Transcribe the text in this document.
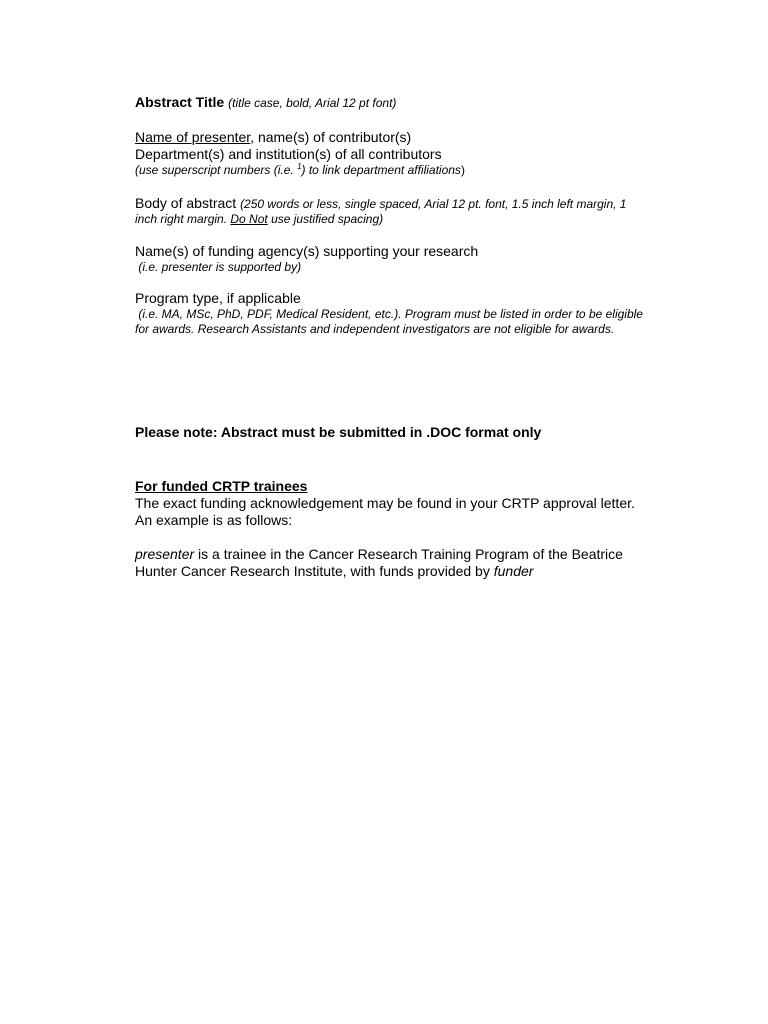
Abstract Title (title case, bold, Arial 12 pt font)
Name of presenter, name(s) of contributor(s)
Department(s) and institution(s) of all contributors
(use superscript numbers (i.e. $^1$) to link department affiliations)
Body of abstract (250 words or less, single spaced, Arial 12 pt. font, 1.5 inch left margin, 1
inch right margin. Do Not use justified spacing)
Name(s) of funding agency(s) supporting your research
(i.e. presenter is supported by)
Program type, if applicable
(i.e. MA, MSc, PhD, PDF, Medical Resident, etc.). Program must be listed in order to be eligible
for awards. Research Assistants and independent investigators are not eligible for awards.
Please note: Abstract must be submitted in .DOC format only
For funded CRTP trainees
The exact funding acknowledgement may be found in your CRTP approval letter.
An example is as follows:
presenter is a trainee in the Cancer Research Training Program of the Beatrice
Hunter Cancer Research Institute, with funds provided by funder
